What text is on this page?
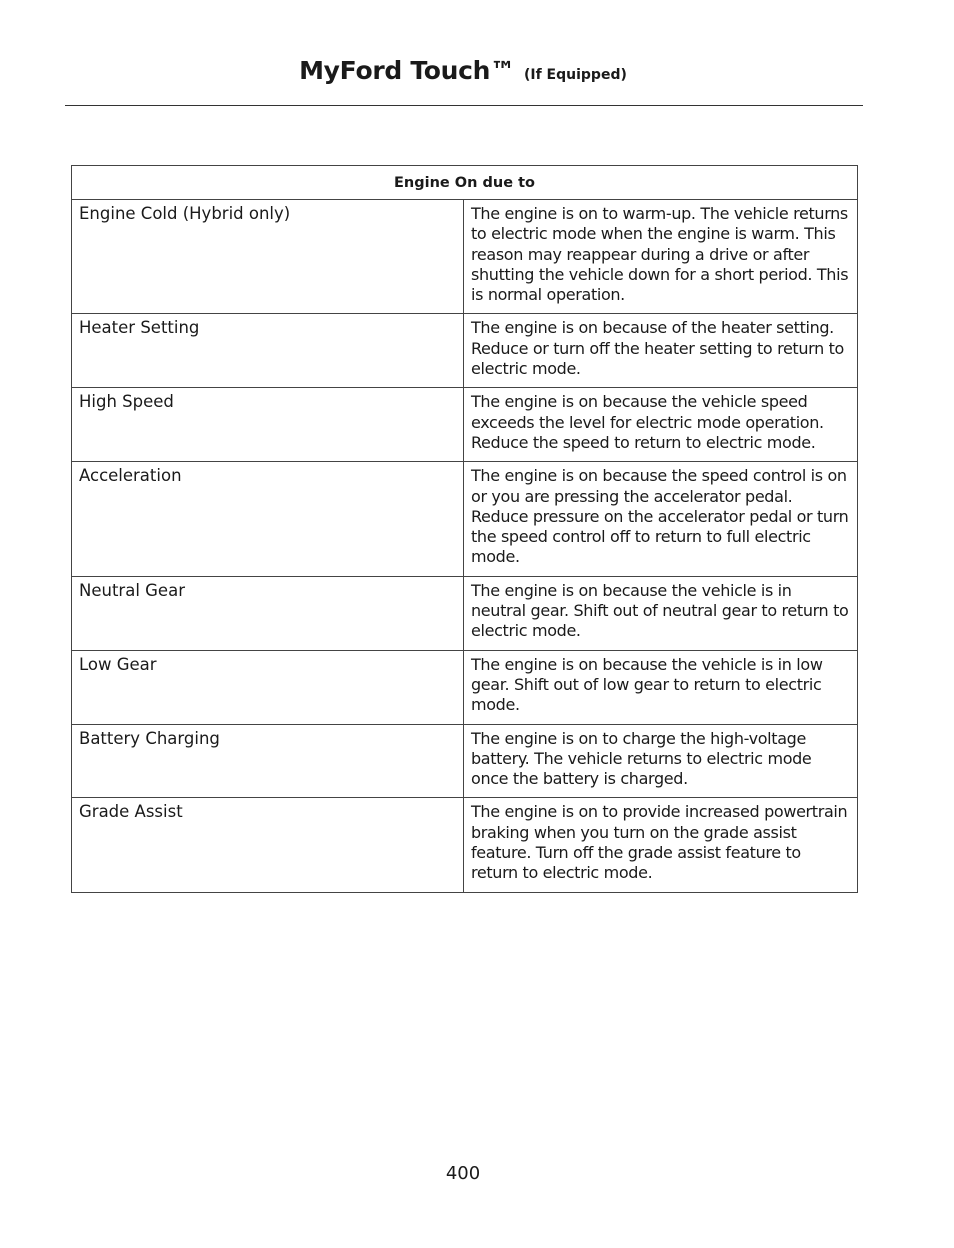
MyFord Touch™ (If Equipped)
Engine On due to	
Engine Cold (Hybrid only)	The engine is on to warm-up. The vehicle returns to electric mode when the engine is warm. This reason may reappear during a drive or after shutting the vehicle down for a short period. This is normal operation.
Heater Setting	The engine is on because of the heater setting. Reduce or turn off the heater setting to return to electric mode.
High Speed	The engine is on because the vehicle speed exceeds the level for electric mode operation. Reduce the speed to return to electric mode.
Acceleration	The engine is on because the speed control is on or you are pressing the accelerator pedal. Reduce pressure on the accelerator pedal or turn the speed control off to return to full electric mode.
Neutral Gear	The engine is on because the vehicle is in neutral gear. Shift out of neutral gear to return to electric mode.
Low Gear	The engine is on because the vehicle is in low gear. Shift out of low gear to return to electric mode.
Battery Charging	The engine is on to charge the high-voltage battery. The vehicle returns to electric mode once the battery is charged.
Grade Assist	The engine is on to provide increased powertrain braking when you turn on the grade assist feature. Turn off the grade assist feature to return to electric mode.
400
